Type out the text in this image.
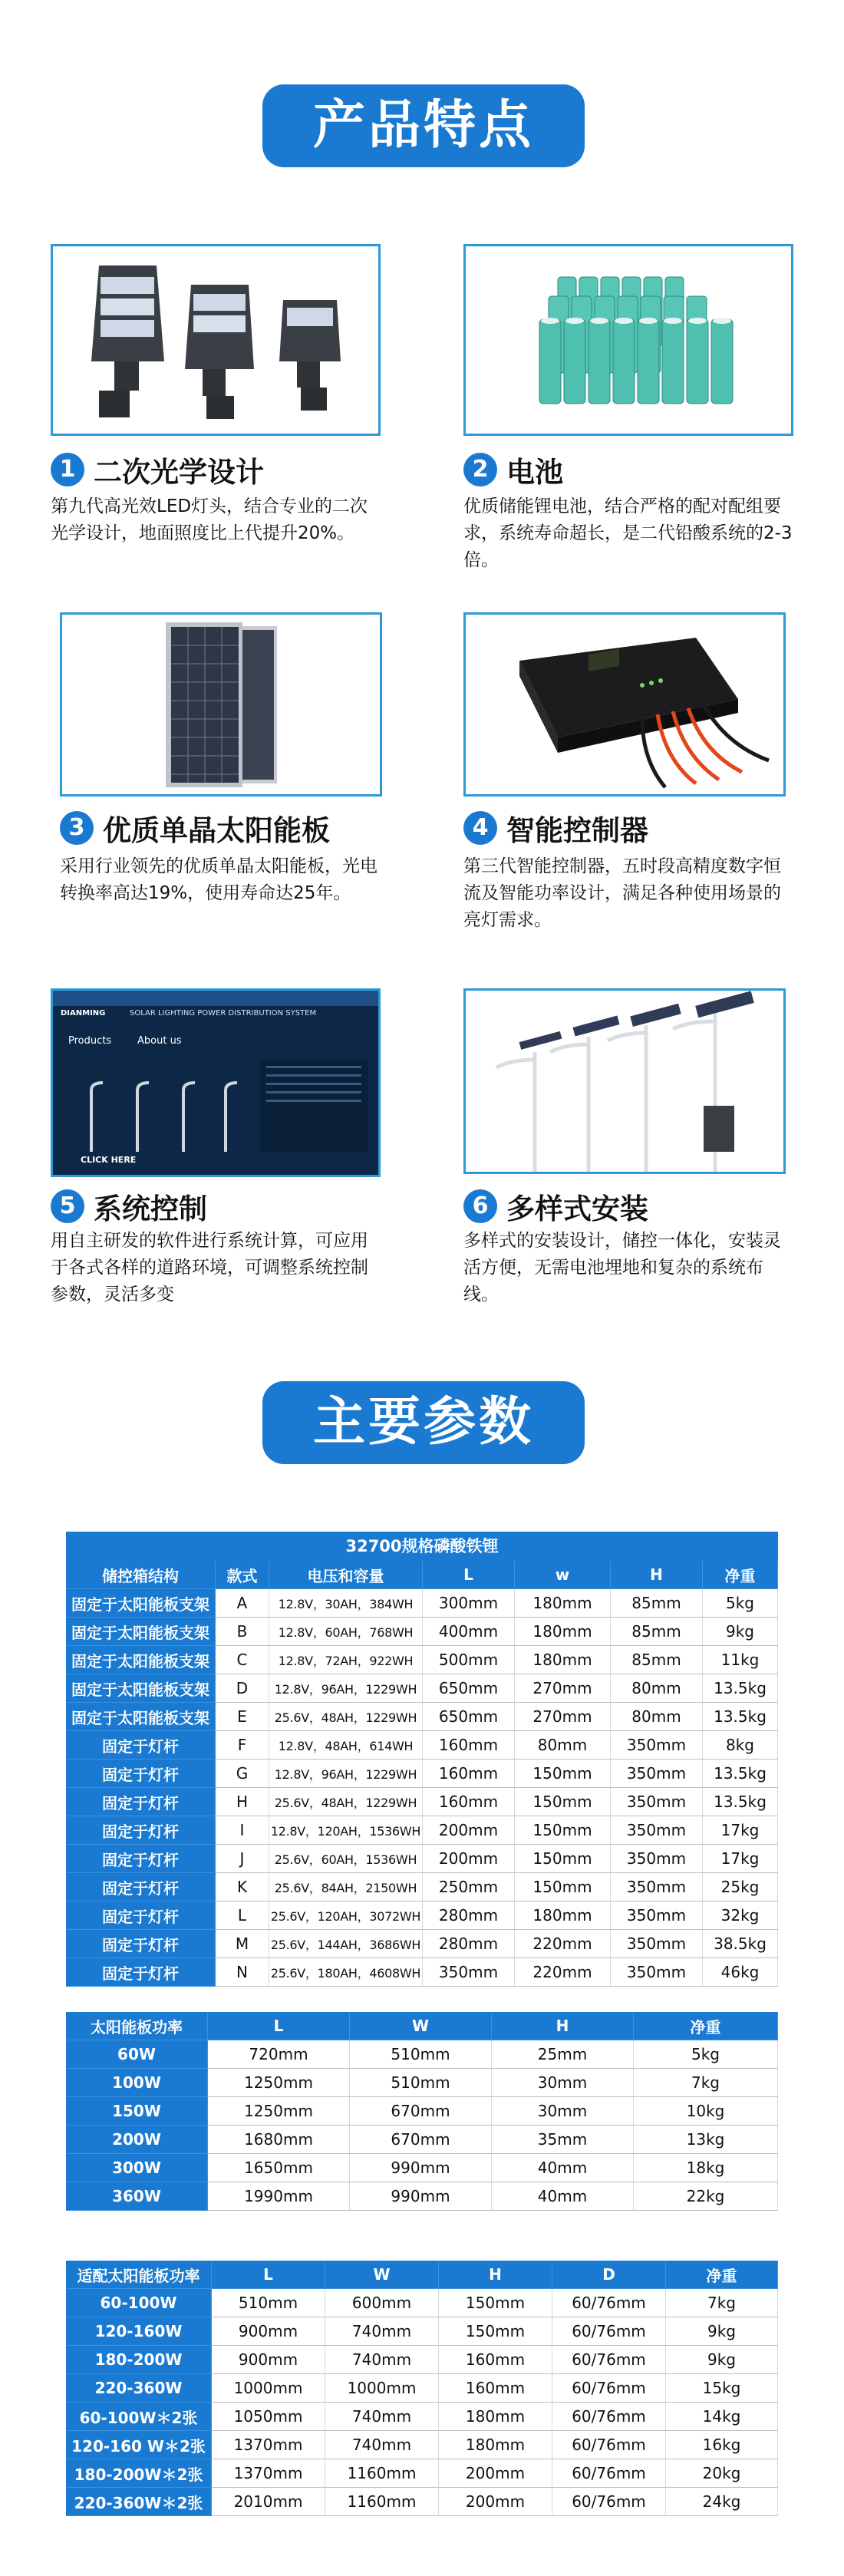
产品特点
1 二次光学设计
第九代高光效LED灯头，结合专业的二次光学设计，地面照度比上代提升20%。
2 电池
优质储能锂电池，结合严格的配对配组要求，系统寿命超长，是二代铅酸系统的2-3倍。
3 优质单晶太阳能板
采用行业领先的优质单晶太阳能板，光电转换率高达19%，使用寿命达25年。
4 智能控制器
第三代智能控制器，五时段高精度数字恒流及智能功率设计，满足各种使用场景的亮灯需求。
DIANMING	SOLAR LIGHTING POWER DISTRIBUTION SYSTEM
Products	About us
CLICK HERE
5 系统控制
用自主研发的软件进行系统计算，可应用于各式各样的道路环境，可调整系统控制参数，灵活多变
6 多样式安装
多样式的安装设计，储控一体化，安装灵活方便，无需电池埋地和复杂的系统布线。
主要参数
32700规格磷酸铁锂
储控箱结构	款式	电压和容量	L	w	H	净重
固定于太阳能板支架	A	12.8V，30AH，384WH	300mm	180mm	85mm	5kg
固定于太阳能板支架	B	12.8V，60AH，768WH	400mm	180mm	85mm	9kg
固定于太阳能板支架	C	12.8V，72AH，922WH	500mm	180mm	85mm	11kg
固定于太阳能板支架	D	12.8V，96AH，1229WH	650mm	270mm	80mm	13.5kg
固定于太阳能板支架	E	25.6V，48AH，1229WH	650mm	270mm	80mm	13.5kg
固定于灯杆	F	12.8V，48AH，614WH	160mm	80mm	350mm	8kg
固定于灯杆	G	12.8V，96AH，1229WH	160mm	150mm	350mm	13.5kg
固定于灯杆	H	25.6V，48AH，1229WH	160mm	150mm	350mm	13.5kg
固定于灯杆	I	12.8V，120AH，1536WH	200mm	150mm	350mm	17kg
固定于灯杆	J	25.6V，60AH，1536WH	200mm	150mm	350mm	17kg
固定于灯杆	K	25.6V，84AH，2150WH	250mm	150mm	350mm	25kg
固定于灯杆	L	25.6V，120AH，3072WH	280mm	180mm	350mm	32kg
固定于灯杆	M	25.6V，144AH，3686WH	280mm	220mm	350mm	38.5kg
固定于灯杆	N	25.6V，180AH，4608WH	350mm	220mm	350mm	46kg
太阳能板功率	L	W	H	净重
60W	720mm	510mm	25mm	5kg
100W	1250mm	510mm	30mm	7kg
150W	1250mm	670mm	30mm	10kg
200W	1680mm	670mm	35mm	13kg
300W	1650mm	990mm	40mm	18kg
360W	1990mm	990mm	40mm	22kg
适配太阳能板功率	L	W	H	D	净重
60-100W	510mm	600mm	150mm	60/76mm	7kg
120-160W	900mm	740mm	150mm	60/76mm	9kg
180-200W	900mm	740mm	160mm	60/76mm	9kg
220-360W	1000mm	1000mm	160mm	60/76mm	15kg
60-100W＊2张	1050mm	740mm	180mm	60/76mm	14kg
120-160 W＊2张	1370mm	740mm	180mm	60/76mm	16kg
180-200W＊2张	1370mm	1160mm	200mm	60/76mm	20kg
220-360W＊2张	2010mm	1160mm	200mm	60/76mm	24kg
